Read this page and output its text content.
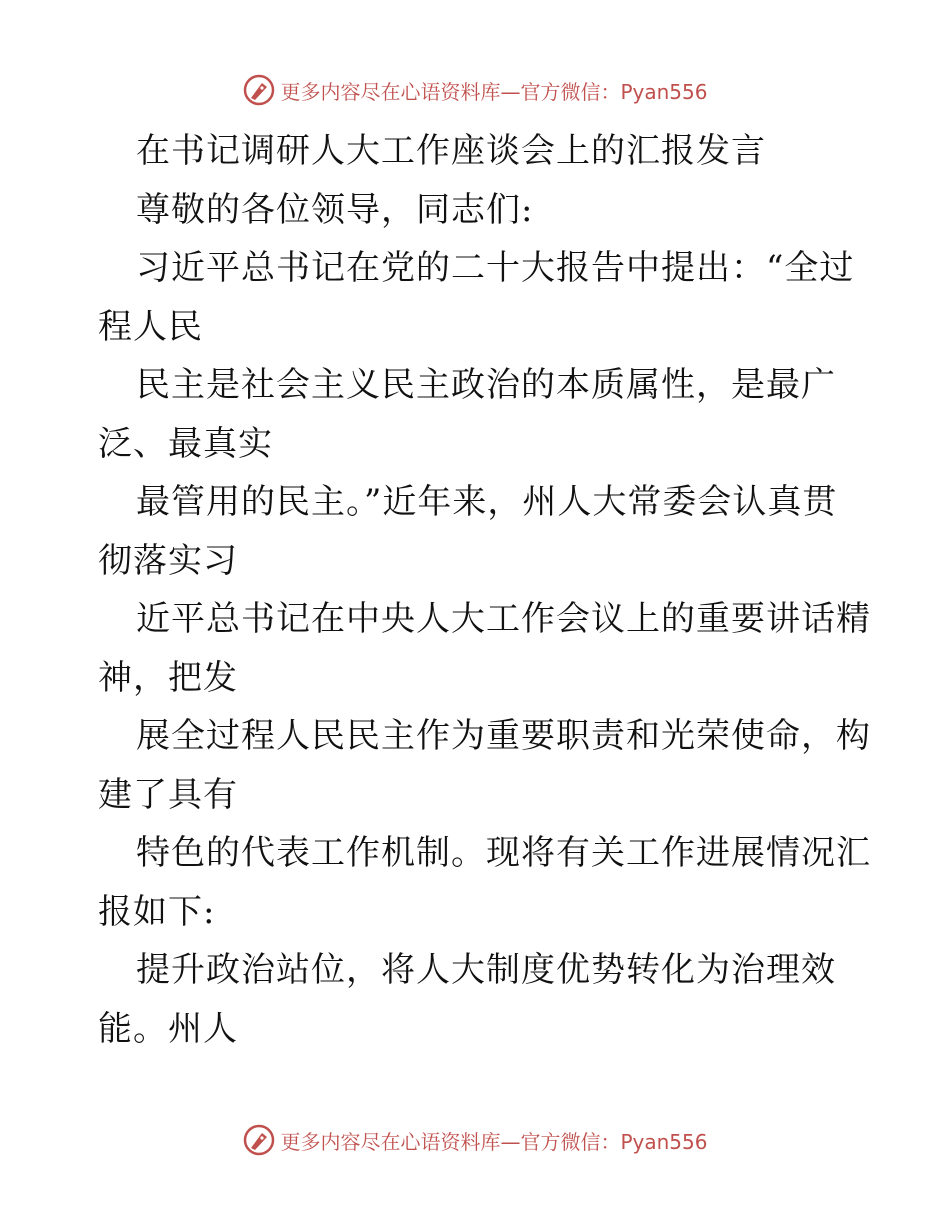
更多内容尽在心语资料库—官方微信：Pyan556
在书记调研人大工作座谈会上的汇报发言
尊敬的各位领导，同志们:
习近平总书记在党的二十大报告中提出：“全过
程人民
民主是社会主义民主政治的本质属性，是最广
泛、最真实
最管用的民主。”近年来，州人大常委会认真贯
彻落实习
近平总书记在中央人大工作会议上的重要讲话精
神，把发
展全过程人民民主作为重要职责和光荣使命，构
建了具有
特色的代表工作机制。现将有关工作进展情况汇
报如下:
提升政治站位，将人大制度优势转化为治理效
能。州人
更多内容尽在心语资料库—官方微信：Pyan556
